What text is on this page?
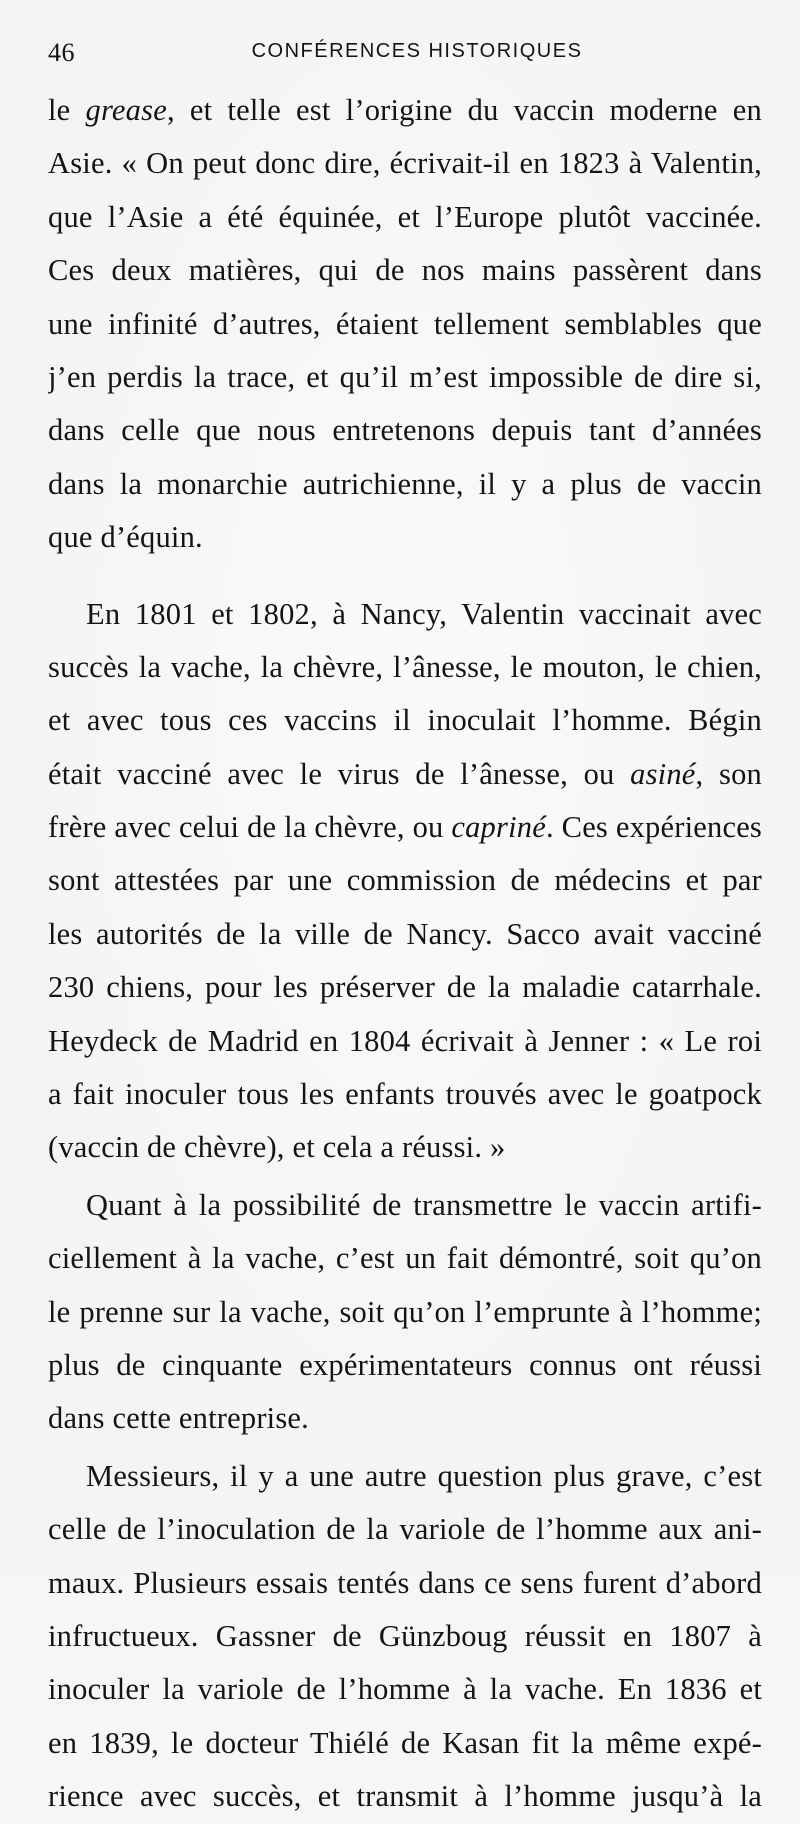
46	CONFÉRENCES HISTORIQUES
le grease, et telle est l’origine du vaccin moderne en
Asie. « On peut donc dire, écrivait-il en 1823 à Valentin,
que l’Asie a été équinée, et l’Europe plutôt vaccinée.
Ces deux matières, qui de nos mains passèrent dans
une infinité d’autres, étaient tellement semblables que
j’en perdis la trace, et qu’il m’est impossible de dire si,
dans celle que nous entretenons depuis tant d’années
dans la monarchie autrichienne, il y a plus de vaccin
que d’équin.
En 1801 et 1802, à Nancy, Valentin vaccinait avec
succès la vache, la chèvre, l’ânesse, le mouton, le chien,
et avec tous ces vaccins il inoculait l’homme. Bégin
était vacciné avec le virus de l’ânesse, ou asiné, son
frère avec celui de la chèvre, ou capriné. Ces expériences
sont attestées par une commission de médecins et par
les autorités de la ville de Nancy. Sacco avait vacciné
230 chiens, pour les préserver de la maladie catarrhale.
Heydeck de Madrid en 1804 écrivait à Jenner : « Le roi
a fait inoculer tous les enfants trouvés avec le goatpock
(vaccin de chèvre), et cela a réussi. »
Quant à la possibilité de transmettre le vaccin artifi-
ciellement à la vache, c’est un fait démontré, soit qu’on
le prenne sur la vache, soit qu’on l’emprunte à l’homme;
plus de cinquante expérimentateurs connus ont réussi
dans cette entreprise.
Messieurs, il y a une autre question plus grave, c’est
celle de l’inoculation de la variole de l’homme aux ani-
maux. Plusieurs essais tentés dans ce sens furent d’abord
infructueux. Gassner de Günzboug réussit en 1807 à
inoculer la variole de l’homme à la vache. En 1836 et
en 1839, le docteur Thiélé de Kasan fit la même expé-
rience avec succès, et transmit à l’homme jusqu’à la
